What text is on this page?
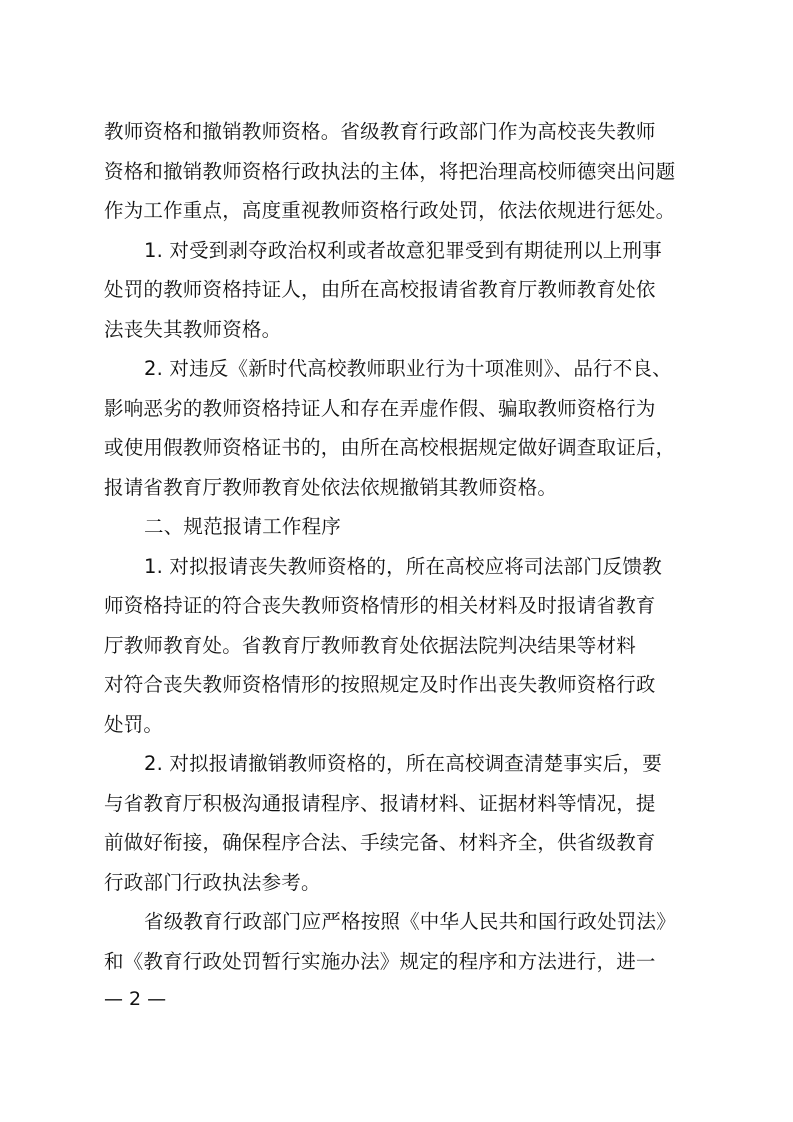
教师资格和撤销教师资格。省级教育行政部门作为高校丧失教师
资格和撤销教师资格行政执法的主体，将把治理高校师德突出问题
作为工作重点，高度重视教师资格行政处罚，依法依规进行惩处。
1. 对受到剥夺政治权利或者故意犯罪受到有期徒刑以上刑事
处罚的教师资格持证人，由所在高校报请省教育厅教师教育处依
法丧失其教师资格。
2. 对违反《新时代高校教师职业行为十项准则》、品行不良、
影响恶劣的教师资格持证人和存在弄虚作假、骗取教师资格行为
或使用假教师资格证书的，由所在高校根据规定做好调查取证后，
报请省教育厅教师教育处依法依规撤销其教师资格。
二、规范报请工作程序
1. 对拟报请丧失教师资格的，所在高校应将司法部门反馈教
师资格持证的符合丧失教师资格情形的相关材料及时报请省教育
厅教师教育处。省教育厅教师教育处依据法院判决结果等材料
对符合丧失教师资格情形的按照规定及时作出丧失教师资格行政
处罚。
2. 对拟报请撤销教师资格的，所在高校调查清楚事实后，要
与省教育厅积极沟通报请程序、报请材料、证据材料等情况，提
前做好衔接，确保程序合法、手续完备、材料齐全，供省级教育
行政部门行政执法参考。
省级教育行政部门应严格按照《中华人民共和国行政处罚法》
和《教育行政处罚暂行实施办法》规定的程序和方法进行，进一
— 2 —
